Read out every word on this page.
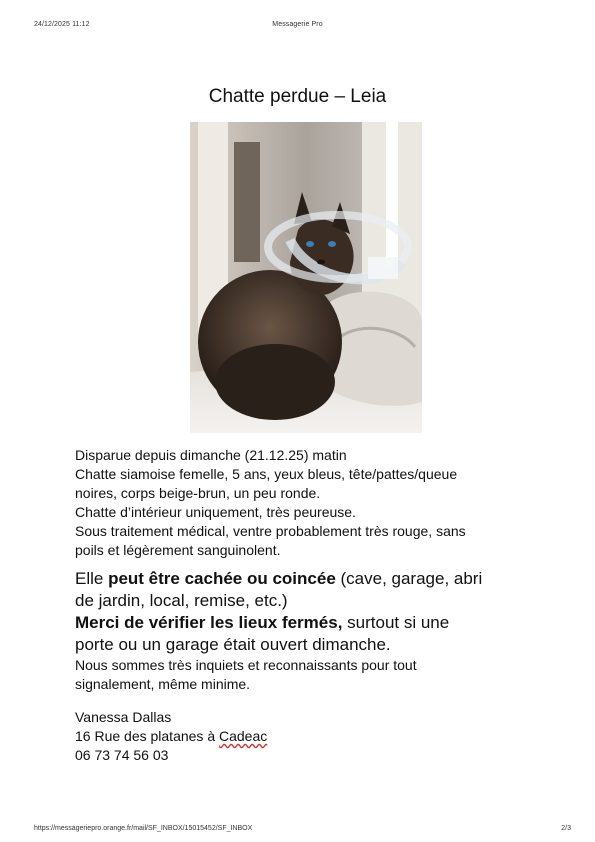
24/12/2025 11:12	Messagerie Pro
Chatte perdue – Leia

Disparue depuis dimanche (21.12.25) matin
Chatte siamoise femelle, 5 ans, yeux bleus, tête/pattes/queue
noires, corps beige-brun, un peu ronde.
Chatte d’intérieur uniquement, très peureuse.
Sous traitement médical, ventre probablement très rouge, sans
poils et légèrement sanguinolent.

Elle peut être cachée ou coincée (cave, garage, abri
de jardin, local, remise, etc.)
Merci de vérifier les lieux fermés, surtout si une
porte ou un garage était ouvert dimanche.

Nous sommes très inquiets et reconnaissants pour tout
signalement, même minime.

Vanessa Dallas
16 Rue des platanes à Cadeac
06 73 74 56 03

https://messageriepro.orange.fr/mail/SF_INBOX/15015452/SF_INBOX	2/3
